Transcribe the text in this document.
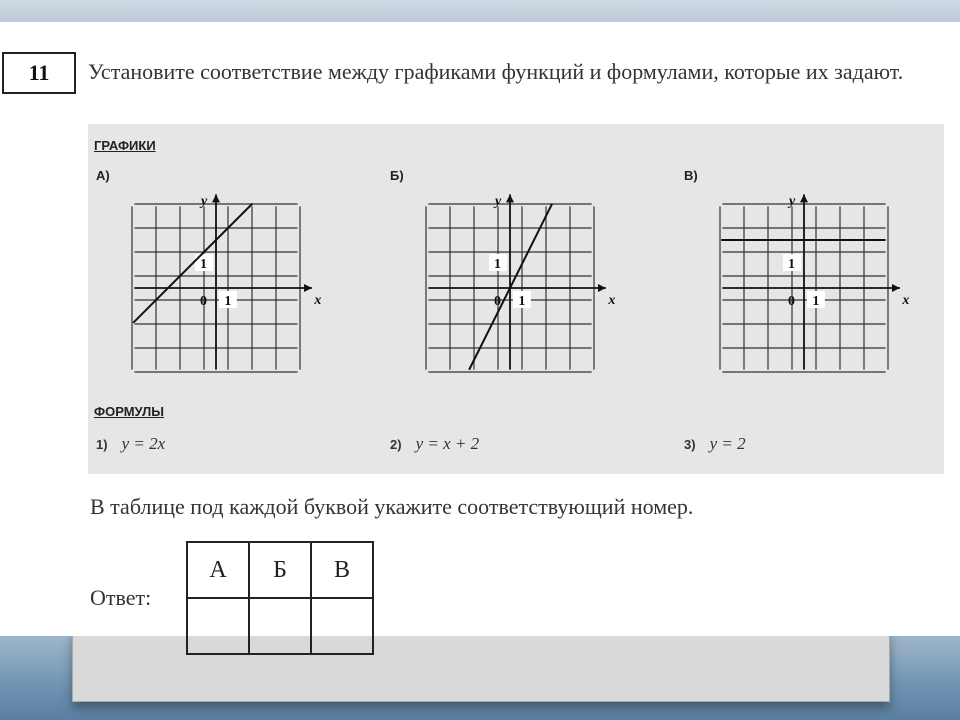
11	Установите соответствие между графиками функций и формулами, которые их задают.
ГРАФИКИ
А)	Б)	В)
y
x
0 1
1
y
x
0 1
1
y
x
0 1
1
ФОРМУЛЫ
1) y = 2x	2) y = x + 2	3) y = 2
В таблице под каждой буквой укажите соответствующий номер.
Ответ:
А	Б	В
